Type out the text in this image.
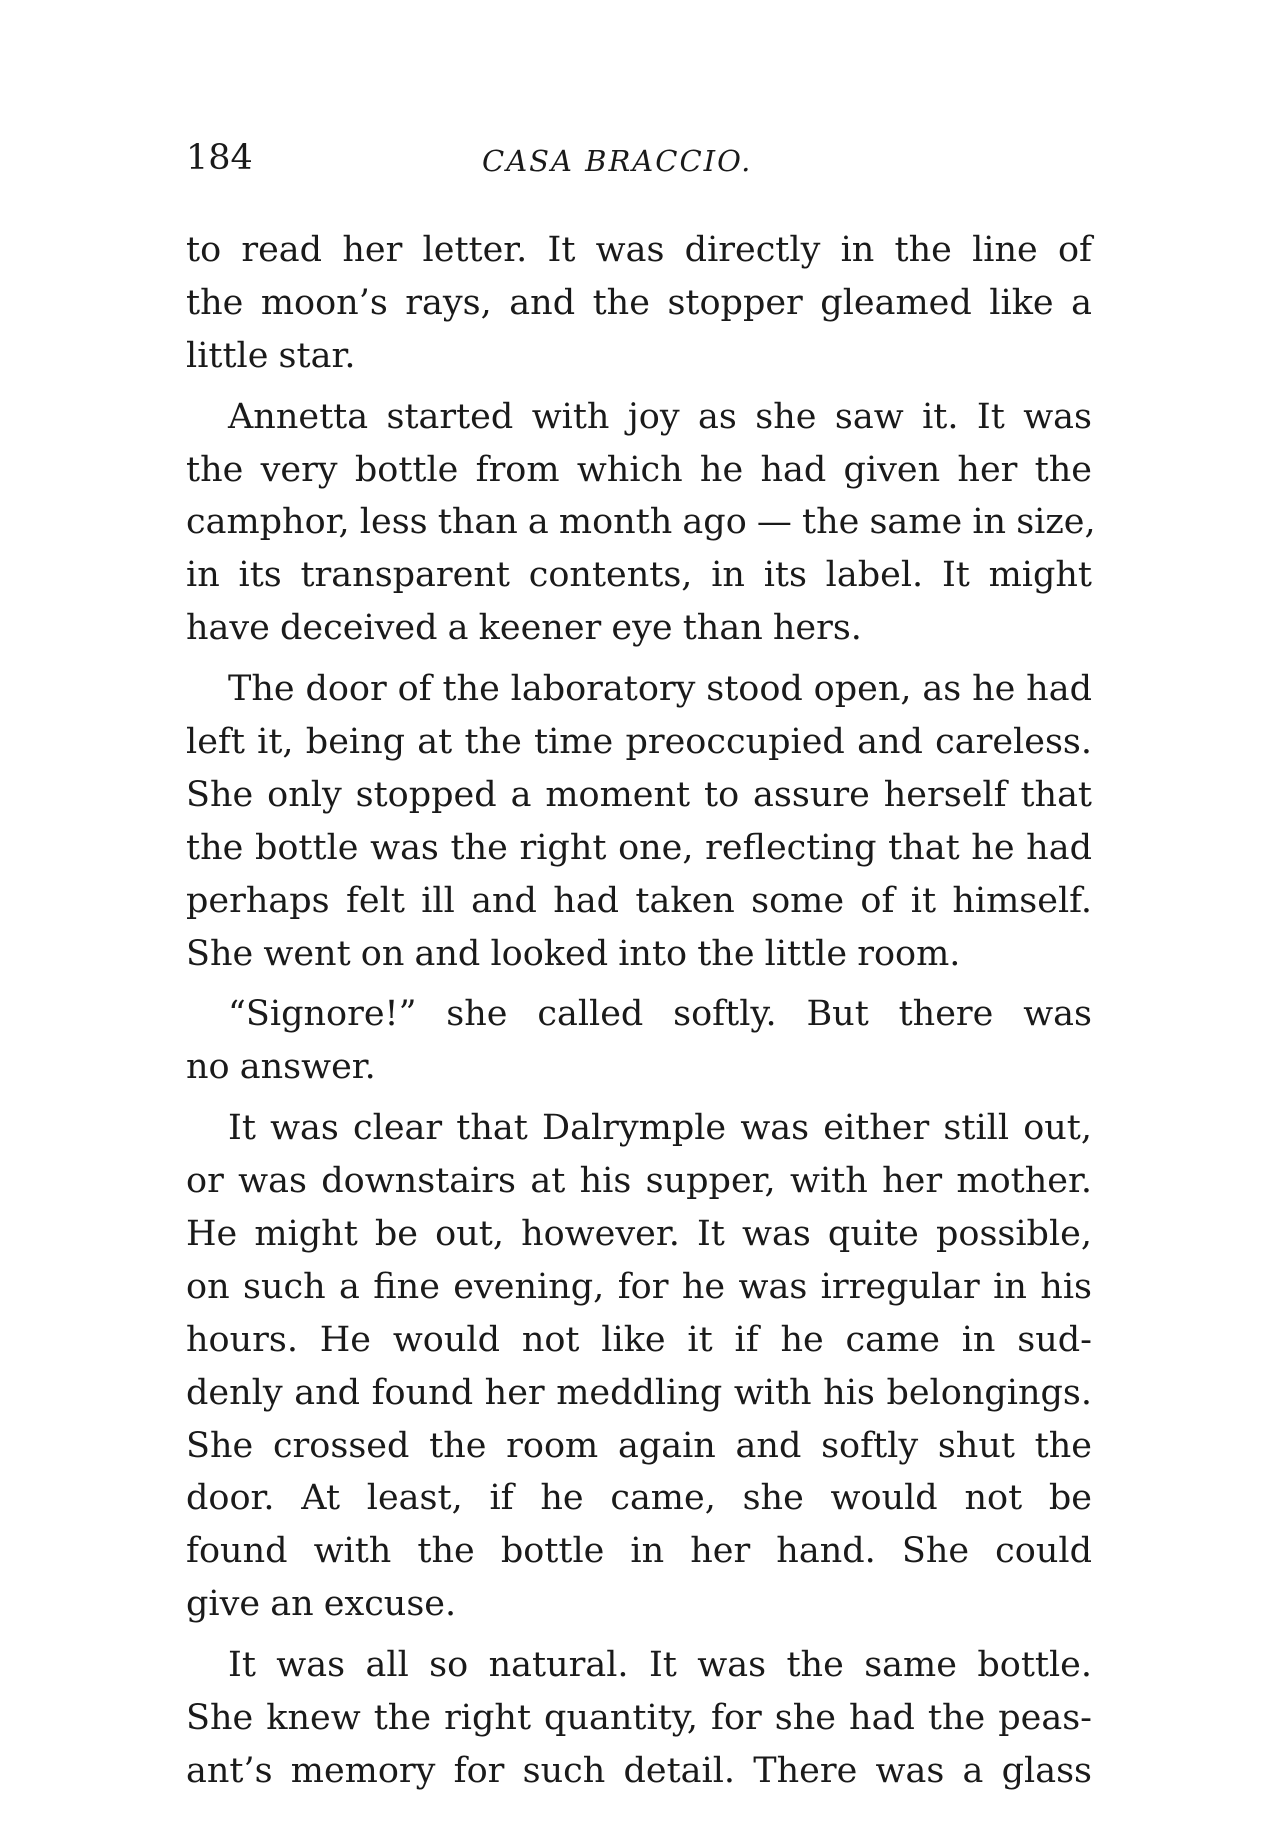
184	CASA BRACCIO.
to read her letter. It was directly in the line of
the moon’s rays, and the stopper gleamed like a
little star.
Annetta started with joy as she saw it. It was
the very bottle from which he had given her the
camphor, less than a month ago — the same in size,
in its transparent contents, in its label. It might
have deceived a keener eye than hers.
The door of the laboratory stood open, as he had
left it, being at the time preoccupied and careless.
She only stopped a moment to assure herself that
the bottle was the right one, reflecting that he had
perhaps felt ill and had taken some of it himself.
She went on and looked into the little room.
“Signore!” she called softly. But there was
no answer.
It was clear that Dalrymple was either still out,
or was downstairs at his supper, with her mother.
He might be out, however. It was quite possible,
on such a fine evening, for he was irregular in his
hours. He would not like it if he came in sud-
denly and found her meddling with his belongings.
She crossed the room again and softly shut the
door. At least, if he came, she would not be
found with the bottle in her hand. She could
give an excuse.
It was all so natural. It was the same bottle.
She knew the right quantity, for she had the peas-
ant’s memory for such detail. There was a glass
